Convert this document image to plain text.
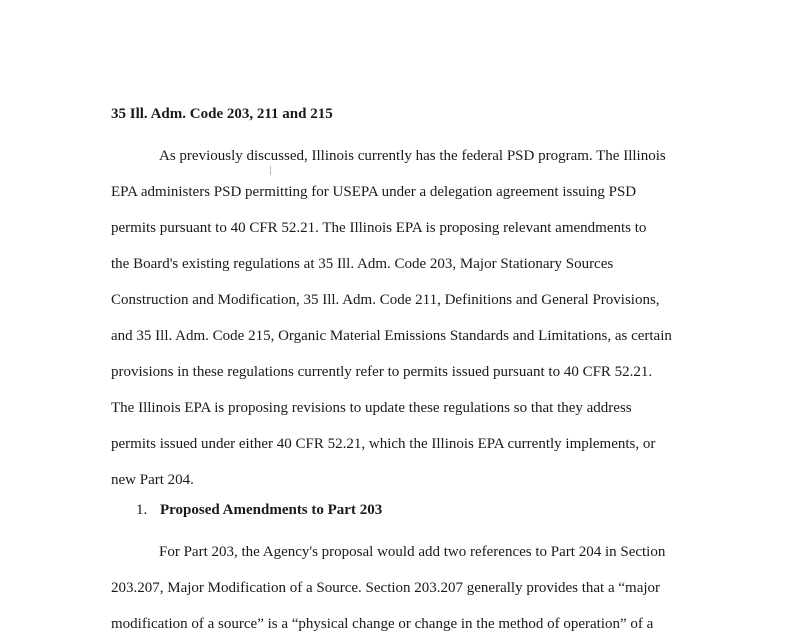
35 Ill. Adm. Code 203, 211 and 215

As previously discussed, Illinois currently has the federal PSD program. The Illinois
EPA administers PSD permitting for USEPA under a delegation agreement issuing PSD
permits pursuant to 40 CFR 52.21. The Illinois EPA is proposing relevant amendments to
the Board's existing regulations at 35 Ill. Adm. Code 203, Major Stationary Sources
Construction and Modification, 35 Ill. Adm. Code 211, Definitions and General Provisions,
and 35 Ill. Adm. Code 215, Organic Material Emissions Standards and Limitations, as certain
provisions in these regulations currently refer to permits issued pursuant to 40 CFR 52.21.
The Illinois EPA is proposing revisions to update these regulations so that they address
permits issued under either 40 CFR 52.21, which the Illinois EPA currently implements, or
new Part 204.

1. Proposed Amendments to Part 203

For Part 203, the Agency's proposal would add two references to Part 204 in Section
203.207, Major Modification of a Source. Section 203.207 generally provides that a “major
modification of a source” is a “physical change or change in the method of operation” of a
